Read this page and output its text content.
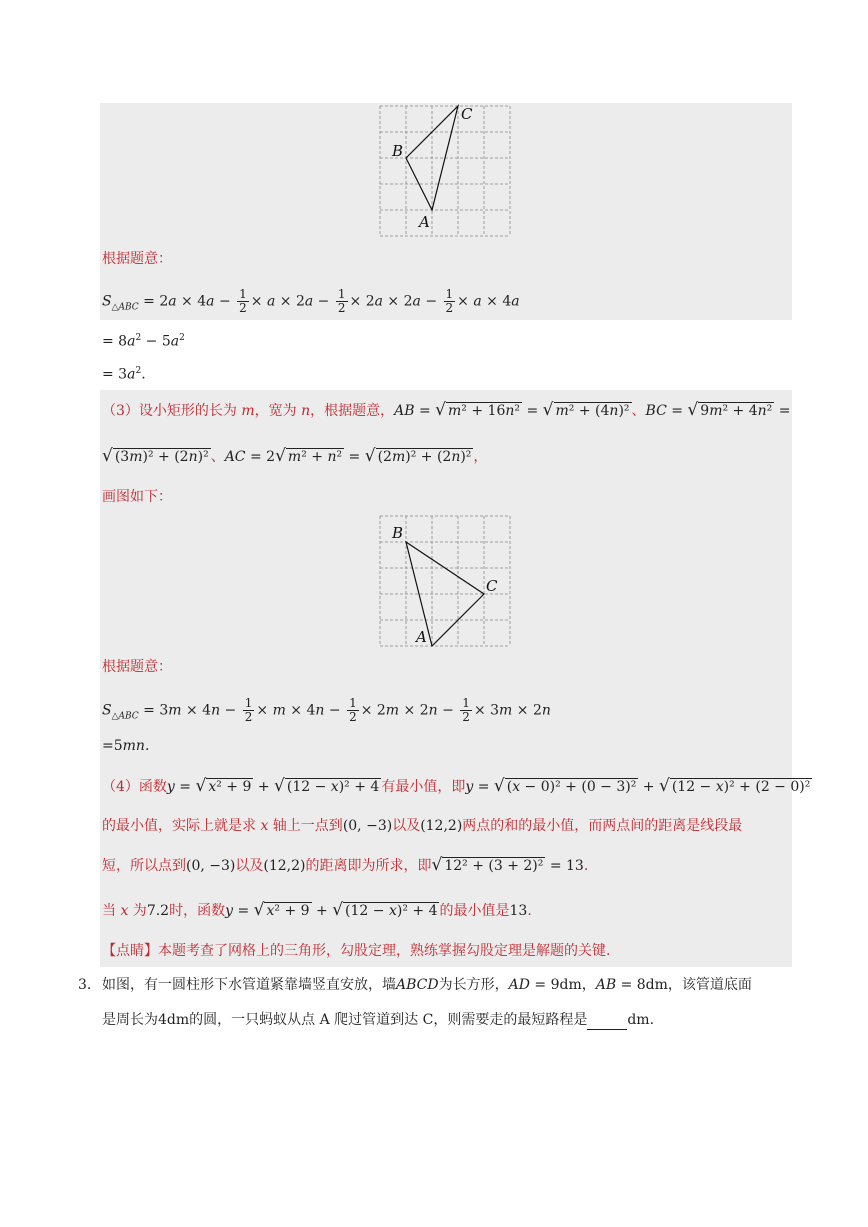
C
B
A
根据题意：
$S_{\triangle ABC} = 2a \times 4a - \frac{1}{2} \times a \times 2a - \frac{1}{2} \times 2a \times 2a - \frac{1}{2} \times a \times 4a$
= $8a^2 - 5a^2$
= $3a^2$.
（3）设小矩形的长为 m，宽为 n，根据题意，AB = √ m² + 16n² = √ m² + (4n)² 、BC = √ 9m² + 4n² =
√ (3m)² + (2n)² 、AC = 2√ m² + n² = √ (2m)² + (2n)² ，
画图如下：
B
C
A
根据题意：
$S_{\triangle ABC} = 3m \times 4n - \frac{1}{2} \times m \times 4n - \frac{1}{2} \times 2m \times 2n - \frac{1}{2} \times 3m \times 2n$
=5mn.
（4）函数y = √ x² + 9 + √ (12 − x)² + 4 有最小值，即y = √ (x − 0)² + (0 − 3)² + √ (12 − x)² + (2 − 0)²
的最小值，实际上就是求 x 轴上一点到(0, −3)以及(12,2)两点的和的最小值，而两点间的距离是线段最
短，所以点到(0, −3)以及(12,2)的距离即为所求，即√ 12² + (3 + 2)² = 13.
当 x 为7.2时，函数y = √ x² + 9 + √ (12 − x)² + 4 的最小值是13.
【点睛】本题考查了网格上的三角形，勾股定理，熟练掌握勾股定理是解题的关键.
3. 如图，有一圆柱形下水管道紧靠墙竖直安放，墙ABCD为长方形，AD = 9dm，AB = 8dm，该管道底面
是周长为4dm的圆，一只蚂蚁从点 A 爬过管道到达 C，则需要走的最短路程是	dm.
